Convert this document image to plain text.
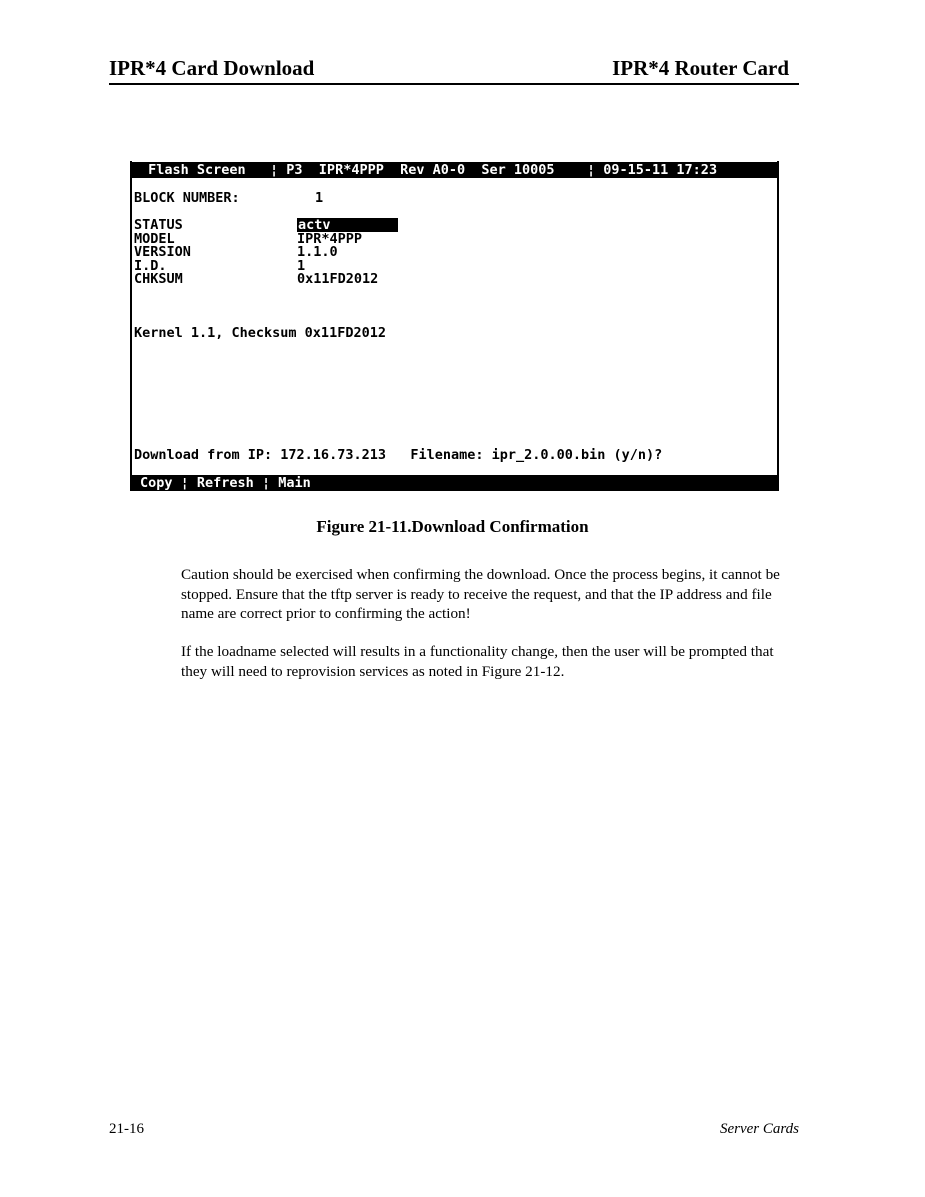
IPR*4 Card Download	IPR*4 Router Card
Flash Screen   ¦ P3  IPR*4PPP  Rev A0-0  Ser 10005    ¦ 09-15-11 17:23
BLOCK NUMBER:	1
STATUS	actv
MODEL	IPR*4PPP
VERSION	1.1.0
I.D.	1
CHKSUM	0x11FD2012
Kernel 1.1, Checksum 0x11FD2012
Download from IP: 172.16.73.213   Filename: ipr_2.0.00.bin (y/n)?
Copy ¦ Refresh ¦ Main
Figure 21-11.Download Confirmation
Caution should be exercised when confirming the download. Once the process begins, it cannot be stopped. Ensure that the tftp server is ready to receive the request, and that the IP address and file name are correct prior to confirming the action!
If the loadname selected will results in a functionality change, then the user will be prompted that they will need to reprovision services as noted in Figure 21-12.
21-16	Server Cards
